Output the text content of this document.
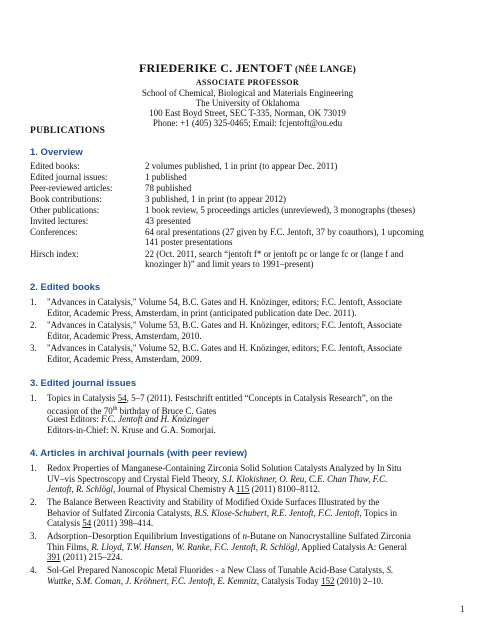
FRIEDERIKE C. JENTOFT (NÉE LANGE)
ASSOCIATE PROFESSOR
School of Chemical, Biological and Materials Engineering
The University of Oklahoma
100 East Boyd Street, SEC T-335, Norman, OK 73019
Phone: +1 (405) 325-0465; Email: fcjentoft@ou.edu
PUBLICATIONS
1. Overview
Edited books:	2 volumes published, 1 in print (to appear Dec. 2011)
Edited journal issues:	1 published
Peer-reviewed articles:	78 published
Book contributions:	3 published, 1 in print (to appear 2012)
Other publications:	1 book review, 5 proceedings articles (unreviewed), 3 monographs (theses)
Invited lectures:	43 presented
Conferences:	64 oral presentations (27 given by F.C. Jentoft, 37 by coauthors), 1 upcoming
141 poster presentations
Hirsch index:	22 (Oct. 2011, search “jentoft f* or jentoft pc or lange fc or (lange f and
knozinger h)” and limit years to 1991–present)
2. Edited books
1. "Advances in Catalysis," Volume 54, B.C. Gates and H. Knözinger, editors; F.C. Jentoft, Associate
Editor, Academic Press, Amsterdam, in print (anticipated publication date Dec. 2011).
2. "Advances in Catalysis," Volume 53, B.C. Gates and H. Knözinger, editors; F.C. Jentoft, Associate
Editor, Academic Press, Amsterdam, 2010.
3. "Advances in Catalysis," Volume 52, B.C. Gates and H. Knözinger, editors; F.C. Jentoft, Associate
Editor, Academic Press, Amsterdam, 2009.
3. Edited journal issues
1. Topics in Catalysis 54, 5–7 (2011). Festschrift entitled “Concepts in Catalysis Research”, on the
occasion of the 70th birthday of Bruce C. Gates
Guest Editors: F.C. Jentoft and H. Knözinger
Editors-in-Chief: N. Kruse and G.A. Somorjai.
4. Articles in archival journals (with peer review)
1. Redox Properties of Manganese-Containing Zirconia Solid Solution Catalysts Analyzed by In Situ
UV–vis Spectroscopy and Crystal Field Theory, S.I. Klokishner, O. Reu, C.E. Chan Thaw, F.C.
Jentoft, R. Schlögl, Journal of Physical Chemistry A 115 (2011) 8100–8112.
2. The Balance Between Reactivity and Stability of Modified Oxide Surfaces Illustrated by the
Behavior of Sulfated Zirconia Catalysts, B.S. Klose-Schubert, R.E. Jentoft, F.C. Jentoft, Topics in
Catalysis 54 (2011) 398–414.
3. Adsorption–Desorption Equilibrium Investigations of n-Butane on Nanocrystalline Sulfated Zirconia
Thin Films, R. Lloyd, T.W. Hansen, W. Ranke, F.C. Jentoft, R. Schlögl, Applied Catalysis A: General
391 (2011) 215–224.
4. Sol-Gel Prepared Nanoscopic Metal Fluorides - a New Class of Tunable Acid-Base Catalysts, S.
Wuttke, S.M. Coman, J. Kröhnert, F.C. Jentoft, E. Kemnitz, Catalysis Today 152 (2010) 2–10.
1
